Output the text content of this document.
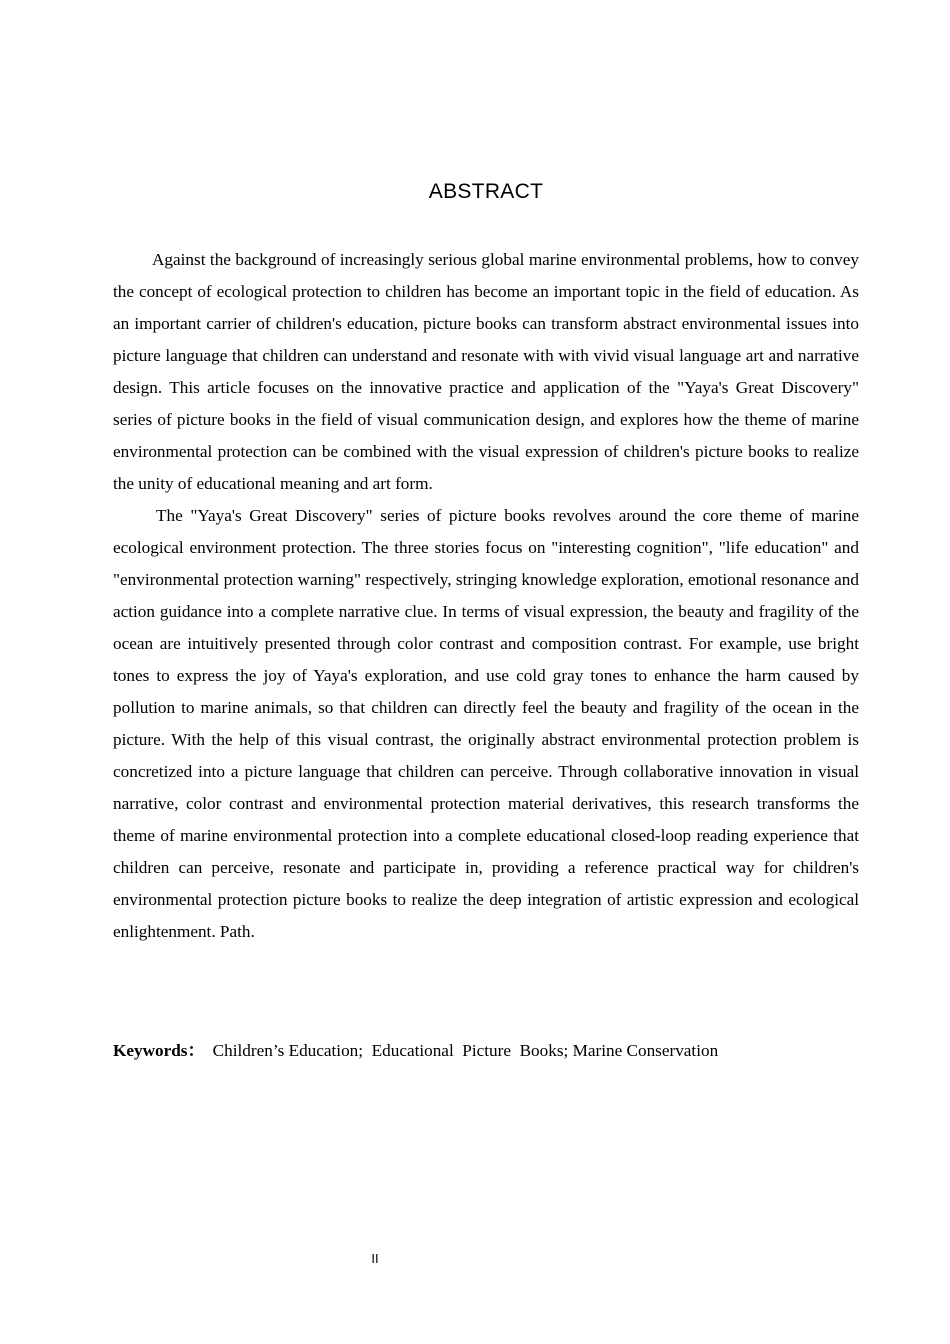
ABSTRACT

Against the background of increasingly serious global marine environmental problems, how to convey the concept of ecological protection to children has become an important topic in the field of education. As an important carrier of children's education, picture books can transform abstract environmental issues into picture language that children can understand and resonate with with vivid visual language art and narrative design. This article focuses on the innovative practice and application of the "Yaya's Great Discovery" series of picture books in the field of visual communication design, and explores how the theme of marine environmental protection can be combined with the visual expression of children's picture books to realize the unity of educational meaning and art form.

The "Yaya's Great Discovery" series of picture books revolves around the core theme of marine ecological environment protection. The three stories focus on "interesting cognition", "life education" and "environmental protection warning" respectively, stringing knowledge exploration, emotional resonance and action guidance into a complete narrative clue. In terms of visual expression, the beauty and fragility of the ocean are intuitively presented through color contrast and composition contrast. For example, use bright tones to express the joy of Yaya's exploration, and use cold gray tones to enhance the harm caused by pollution to marine animals, so that children can directly feel the beauty and fragility of the ocean in the picture. With the help of this visual contrast, the originally abstract environmental protection problem is concretized into a picture language that children can perceive. Through collaborative innovation in visual narrative, color contrast and environmental protection material derivatives, this research transforms the theme of marine environmental protection into a complete educational closed-loop reading experience that children can perceive, resonate and participate in, providing a reference practical way for children's environmental protection picture books to realize the deep integration of artistic expression and ecological enlightenment. Path.

Keywords： Children’s Education;  Educational  Picture  Books; Marine Conservation
II
